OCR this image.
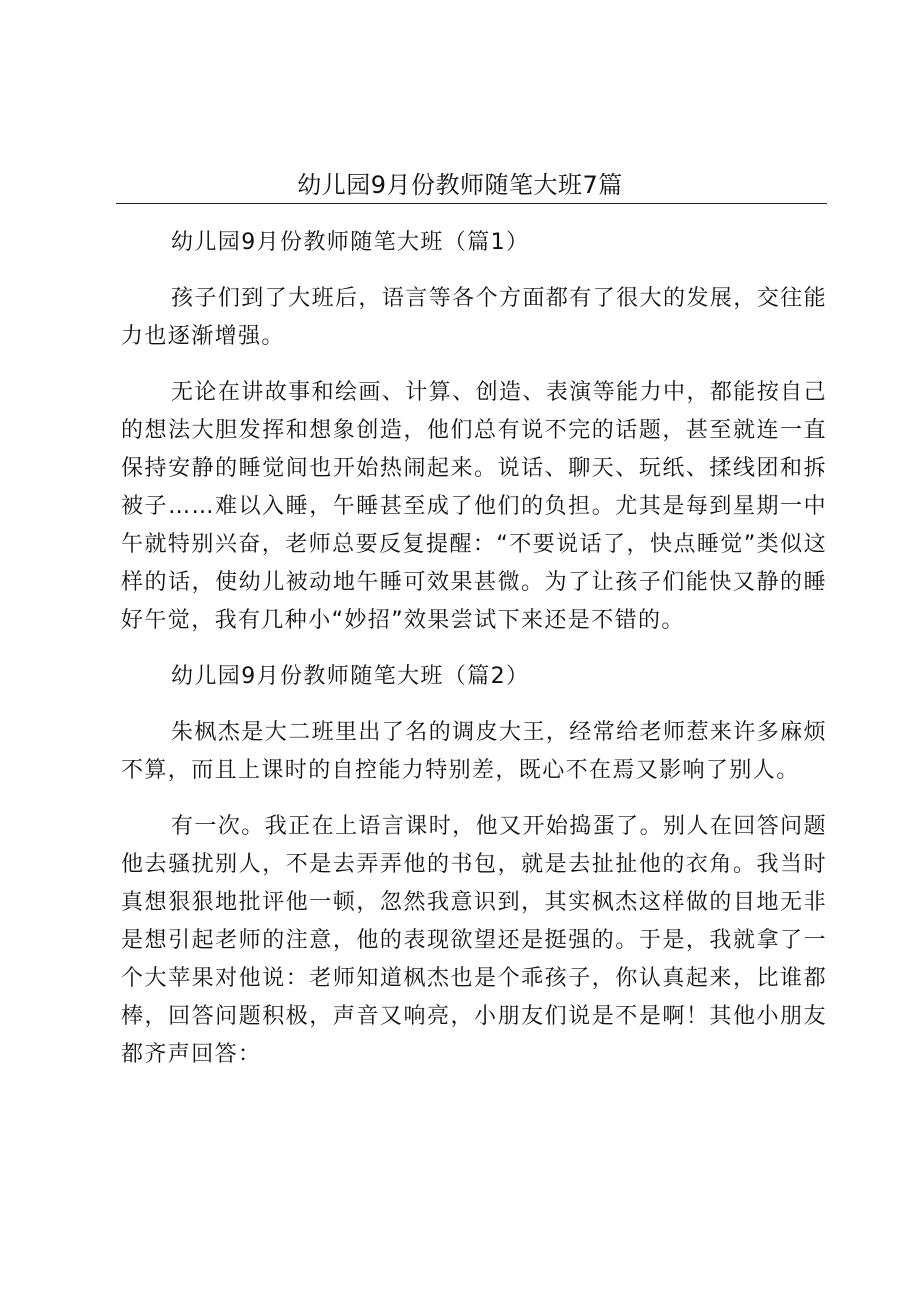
幼儿园9月份教师随笔大班7篇
幼儿园9月份教师随笔大班（篇1）

孩子们到了大班后，语言等各个方面都有了很大的发展，交往能力也逐渐增强。

无论在讲故事和绘画、计算、创造、表演等能力中，都能按自己的想法大胆发挥和想象创造，他们总有说不完的话题，甚至就连一直保持安静的睡觉间也开始热闹起来。说话、聊天、玩纸、揉线团和拆被子……难以入睡，午睡甚至成了他们的负担。尤其是每到星期一中午就特别兴奋，老师总要反复提醒：“不要说话了，快点睡觉”类似这样的话，使幼儿被动地午睡可效果甚微。为了让孩子们能快又静的睡好午觉，我有几种小“妙招”效果尝试下来还是不错的。

幼儿园9月份教师随笔大班（篇2）

朱枫杰是大二班里出了名的调皮大王，经常给老师惹来许多麻烦不算，而且上课时的自控能力特别差，既心不在焉又影响了别人。

有一次。我正在上语言课时，他又开始捣蛋了。别人在回答问题他去骚扰别人，不是去弄弄他的书包，就是去扯扯他的衣角。我当时真想狠狠地批评他一顿，忽然我意识到，其实枫杰这样做的目地无非是想引起老师的注意，他的表现欲望还是挺强的。于是，我就拿了一个大苹果对他说：老师知道枫杰也是个乖孩子，你认真起来，比谁都棒，回答问题积极，声音又响亮，小朋友们说是不是啊！其他小朋友都齐声回答：
